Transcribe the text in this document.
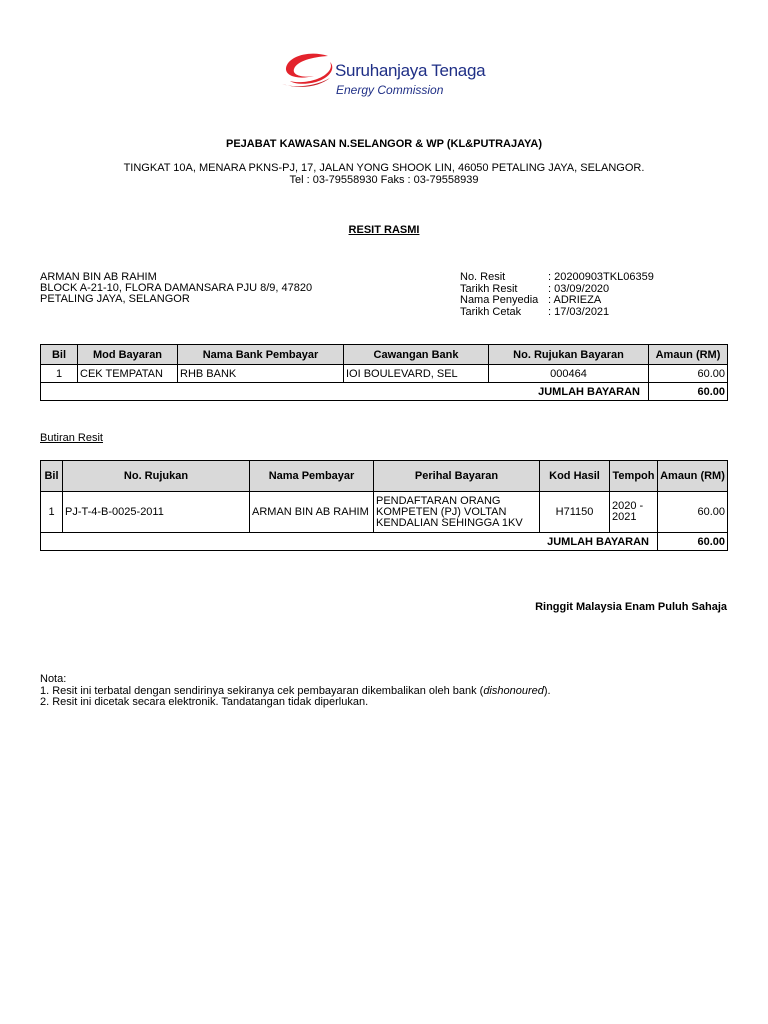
Suruhanjaya Tenaga
Energy Commission
PEJABAT KAWASAN N.SELANGOR & WP (KL&PUTRAJAYA)
TINGKAT 10A, MENARA PKNS-PJ, 17, JALAN YONG SHOOK LIN, 46050 PETALING JAYA, SELANGOR.
Tel : 03-79558930 Faks : 03-79558939
RESIT RASMI
ARMAN BIN AB RAHIM
BLOCK A-21-10, FLORA DAMANSARA PJU 8/9, 47820
PETALING JAYA, SELANGOR
No. Resit	: 20200903TKL06359
Tarikh Resit	: 03/09/2020
Nama Penyedia : ADRIEZA
Tarikh Cetak	: 17/03/2021
Bil	Mod Bayaran	Nama Bank Pembayar	Cawangan Bank	No. Rujukan Bayaran	Amaun (RM)
1	CEK TEMPATAN	RHB BANK	IOI BOULEVARD, SEL	000464	60.00
JUMLAH BAYARAN					60.00
Butiran Resit
Bil	No. Rujukan	Nama Pembayar	Perihal Bayaran	Kod Hasil	Tempoh	Amaun (RM)
1	PJ-T-4-B-0025-2011	ARMAN BIN AB RAHIM	PENDAFTARAN ORANG KOMPETEN (PJ) VOLTAN KENDALIAN SEHINGGA 1KV	H71150	2020 - 2021	60.00
JUMLAH BAYARAN						60.00
Ringgit Malaysia Enam Puluh Sahaja
Nota:
1. Resit ini terbatal dengan sendirinya sekiranya cek pembayaran dikembalikan oleh bank (dishonoured).
2. Resit ini dicetak secara elektronik. Tandatangan tidak diperlukan.
